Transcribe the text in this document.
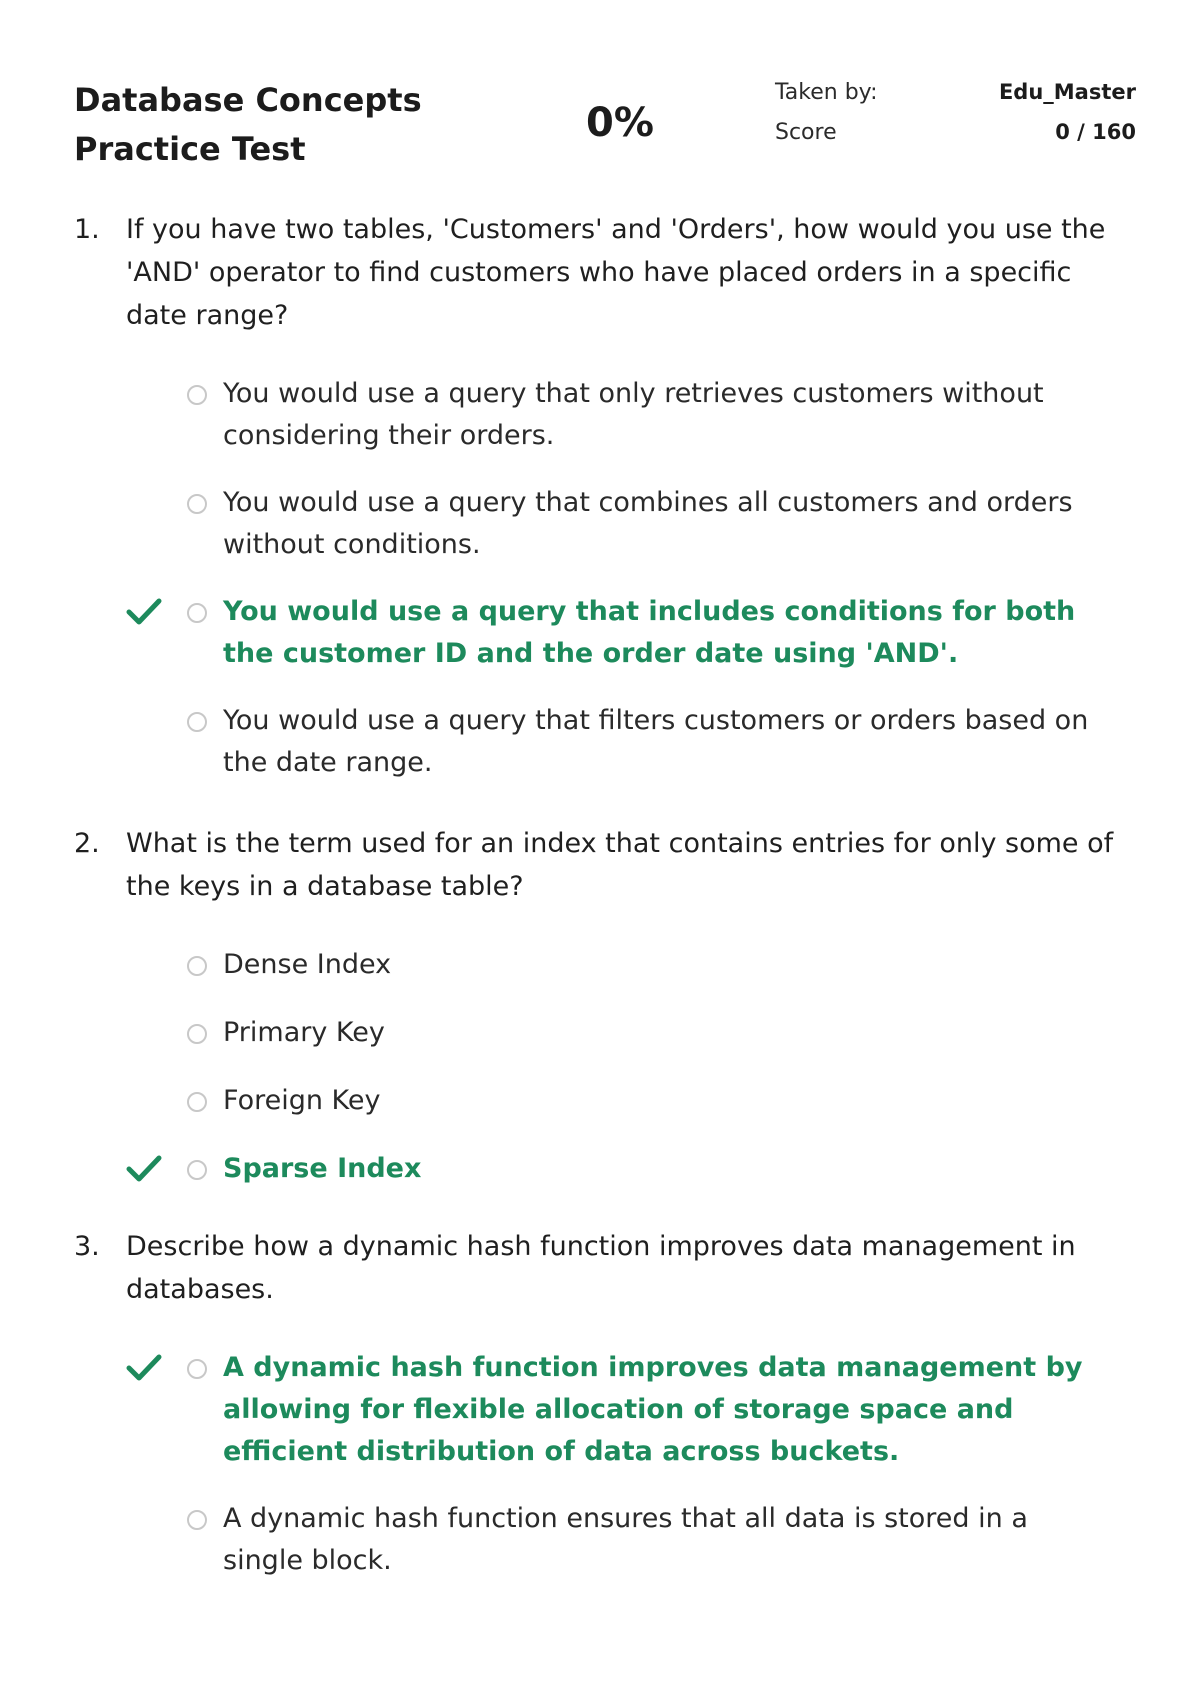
Database Concepts
Practice Test
0%
Taken by:	Edu_Master
Score	0 / 160
1. If you have two tables, 'Customers' and 'Orders', how would you use the 'AND' operator to find customers who have placed orders in a specific date range?
You would use a query that only retrieves customers without considering their orders.
You would use a query that combines all customers and orders without conditions.
You would use a query that includes conditions for both the customer ID and the order date using 'AND'.
You would use a query that filters customers or orders based on the date range.
2. What is the term used for an index that contains entries for only some of the keys in a database table?
Dense Index
Primary Key
Foreign Key
Sparse Index
3. Describe how a dynamic hash function improves data management in databases.
A dynamic hash function improves data management by allowing for flexible allocation of storage space and efficient distribution of data across buckets.
A dynamic hash function ensures that all data is stored in a single block.
